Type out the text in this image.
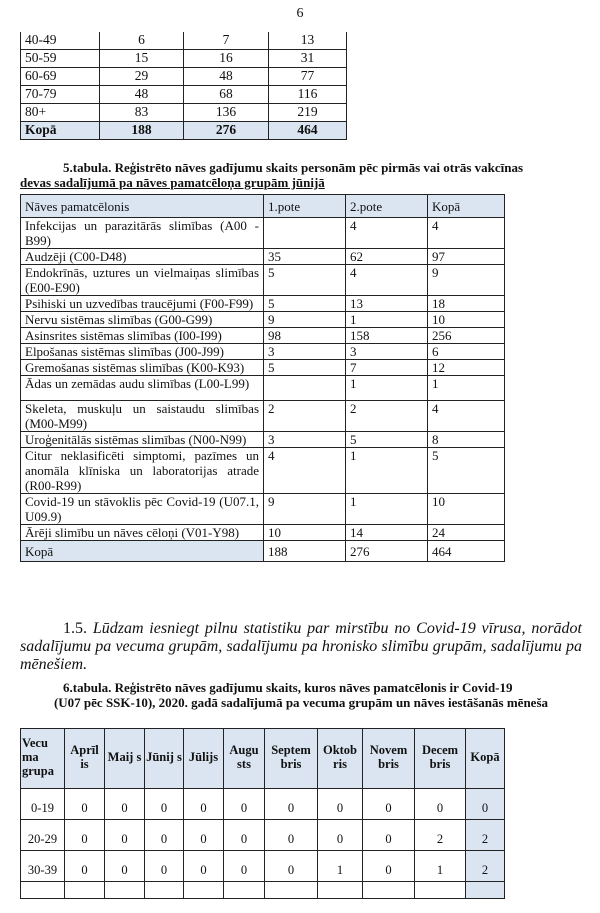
6
40-49	6	7	13
50-59	15	16	31
60-69	29	48	77
70-79	48	68	116
80+	83	136	219
Kopā	188	276	464
5.tabula. Reģistrēto nāves gadījumu skaits personām pēc pirmās vai otrās vakcīnas
devas sadalījumā pa nāves pamatcēloņa grupām jūnijā
Nāves pamatcēlonis	1.pote	2.pote	Kopā
Infekcijas un parazitārās slimības (A00 - B99)		4	4
Audzēji (C00-D48)	35	62	97
Endokrīnās, uztures un vielmaiņas slimības (E00-E90)	5	4	9
Psihiski un uzvedības traucējumi (F00-F99)	5	13	18
Nervu sistēmas slimības (G00-G99)	9	1	10
Asinsrites sistēmas slimības (I00-I99)	98	158	256
Elpošanas sistēmas slimības (J00-J99)	3	3	6
Gremošanas sistēmas slimības (K00-K93)	5	7	12
Ādas un zemādas audu slimības (L00-L99)		1	1
Skeleta, muskuļu un saistaudu slimības (M00-M99)	2	2	4
Uroģenitālās sistēmas slimības (N00-N99)	3	5	8
Citur neklasificēti simptomi, pazīmes un anomāla klīniska un laboratorijas atrade (R00-R99)	4	1	5
Covid-19 un stāvoklis pēc Covid-19 (U07.1, U09.9)	9	1	10
Ārēji slimību un nāves cēloņi (V01-Y98)	10	14	24
Kopā	188	276	464
1.5. Lūdzam iesniegt pilnu statistiku par mirstību no Covid-19 vīrusa, norādot sadalījumu pa vecuma grupām, sadalījumu pa hronisko slimību grupām, sadalījumu pa mēnešiem.
6.tabula. Reģistrēto nāves gadījumu skaits, kuros nāves pamatcēlonis ir Covid-19
(U07 pēc SSK-10), 2020. gadā sadalījumā pa vecuma grupām un nāves iestāšanās mēneša
Vecu ma grupa	Aprīl is	Maij s	Jūnij s	Jūlijs	Augu sts	Septem bris	Oktob ris	Novem bris	Decem bris	Kopā
0-19	0	0	0	0	0	0	0	0	0	0
20-29	0	0	0	0	0	0	0	0	2	2
30-39	0	0	0	0	0	0	1	0	1	2
